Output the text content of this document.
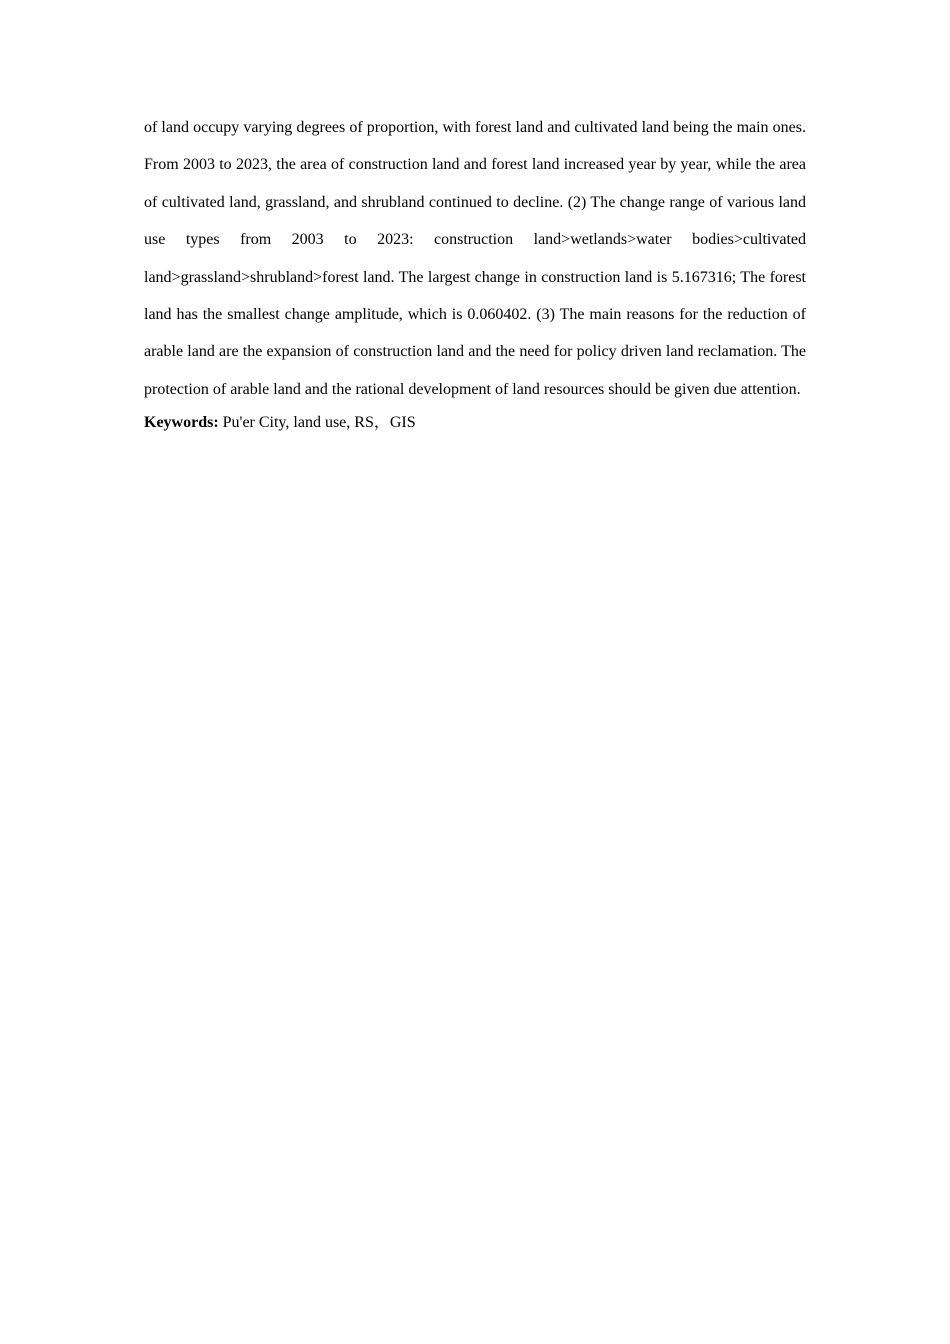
of land occupy varying degrees of proportion, with forest land and cultivated land being the main ones. From 2003 to 2023, the area of construction land and forest land increased year by year, while the area of cultivated land, grassland, and shrubland continued to decline. (2) The change range of various land use types from 2003 to 2023: construction land>wetlands>water bodies>cultivated land>grassland>shrubland>forest land. The largest change in construction land is 5.167316; The forest land has the smallest change amplitude, which is 0.060402. (3) The main reasons for the reduction of arable land are the expansion of construction land and the need for policy driven land reclamation. The protection of arable land and the rational development of land resources should be given due attention.

Keywords: Pu'er City, land use, RS，GIS
